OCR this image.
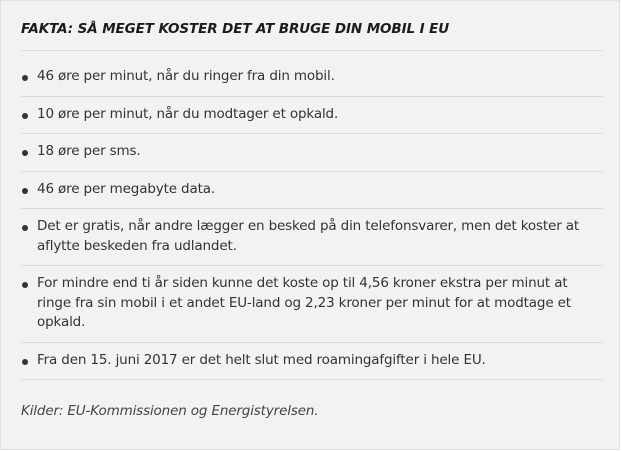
FAKTA: SÅ MEGET KOSTER DET AT BRUGE DIN MOBIL I EU
46 øre per minut, når du ringer fra din mobil.
10 øre per minut, når du modtager et opkald.
18 øre per sms.
46 øre per megabyte data.
Det er gratis, når andre lægger en besked på din telefonsvarer, men det koster at aflytte beskeden fra udlandet.
For mindre end ti år siden kunne det koste op til 4,56 kroner ekstra per minut at ringe fra sin mobil i et andet EU-land og 2,23 kroner per minut for at modtage et opkald.
Fra den 15. juni 2017 er det helt slut med roamingafgifter i hele EU.

Kilder: EU-Kommissionen og Energistyrelsen.
